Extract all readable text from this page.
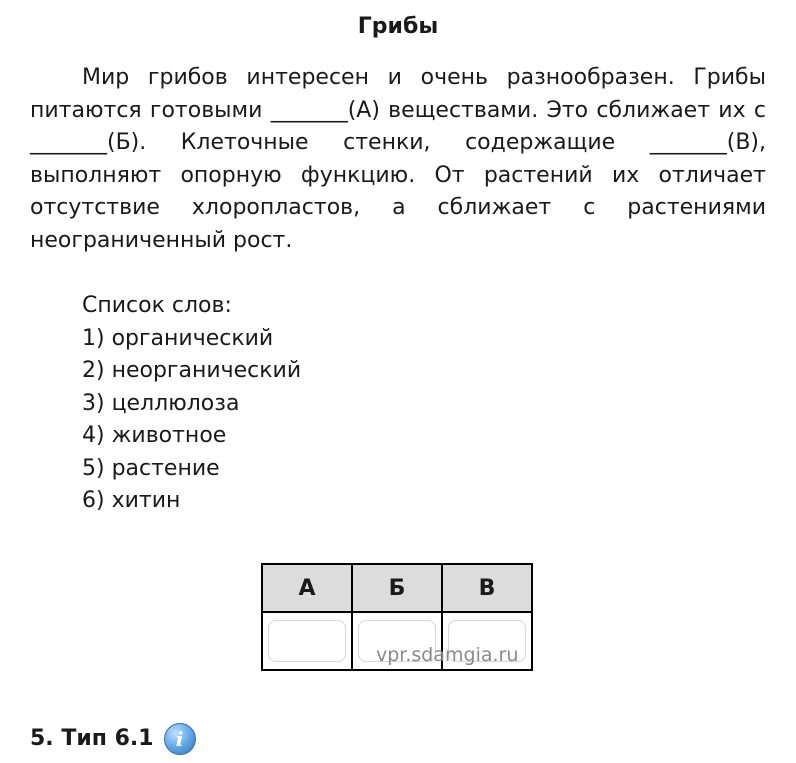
Грибы

Мир грибов интересен и очень разнообразен. Грибы питаются готовыми _______(А) веществами. Это сближает их с _______(Б). Клеточные стенки, содержащие _______(В), выполняют опорную функцию. От растений их отличает отсутствие хлоропластов, а сближает с растениями неограниченный рост.

Список слов:
1) органический
2) неорганический
3) целлюлоза
4) животное
5) растение
6) хитин
А	Б	В

vpr.sdamgia.ru
5. Тип 6.1	i
